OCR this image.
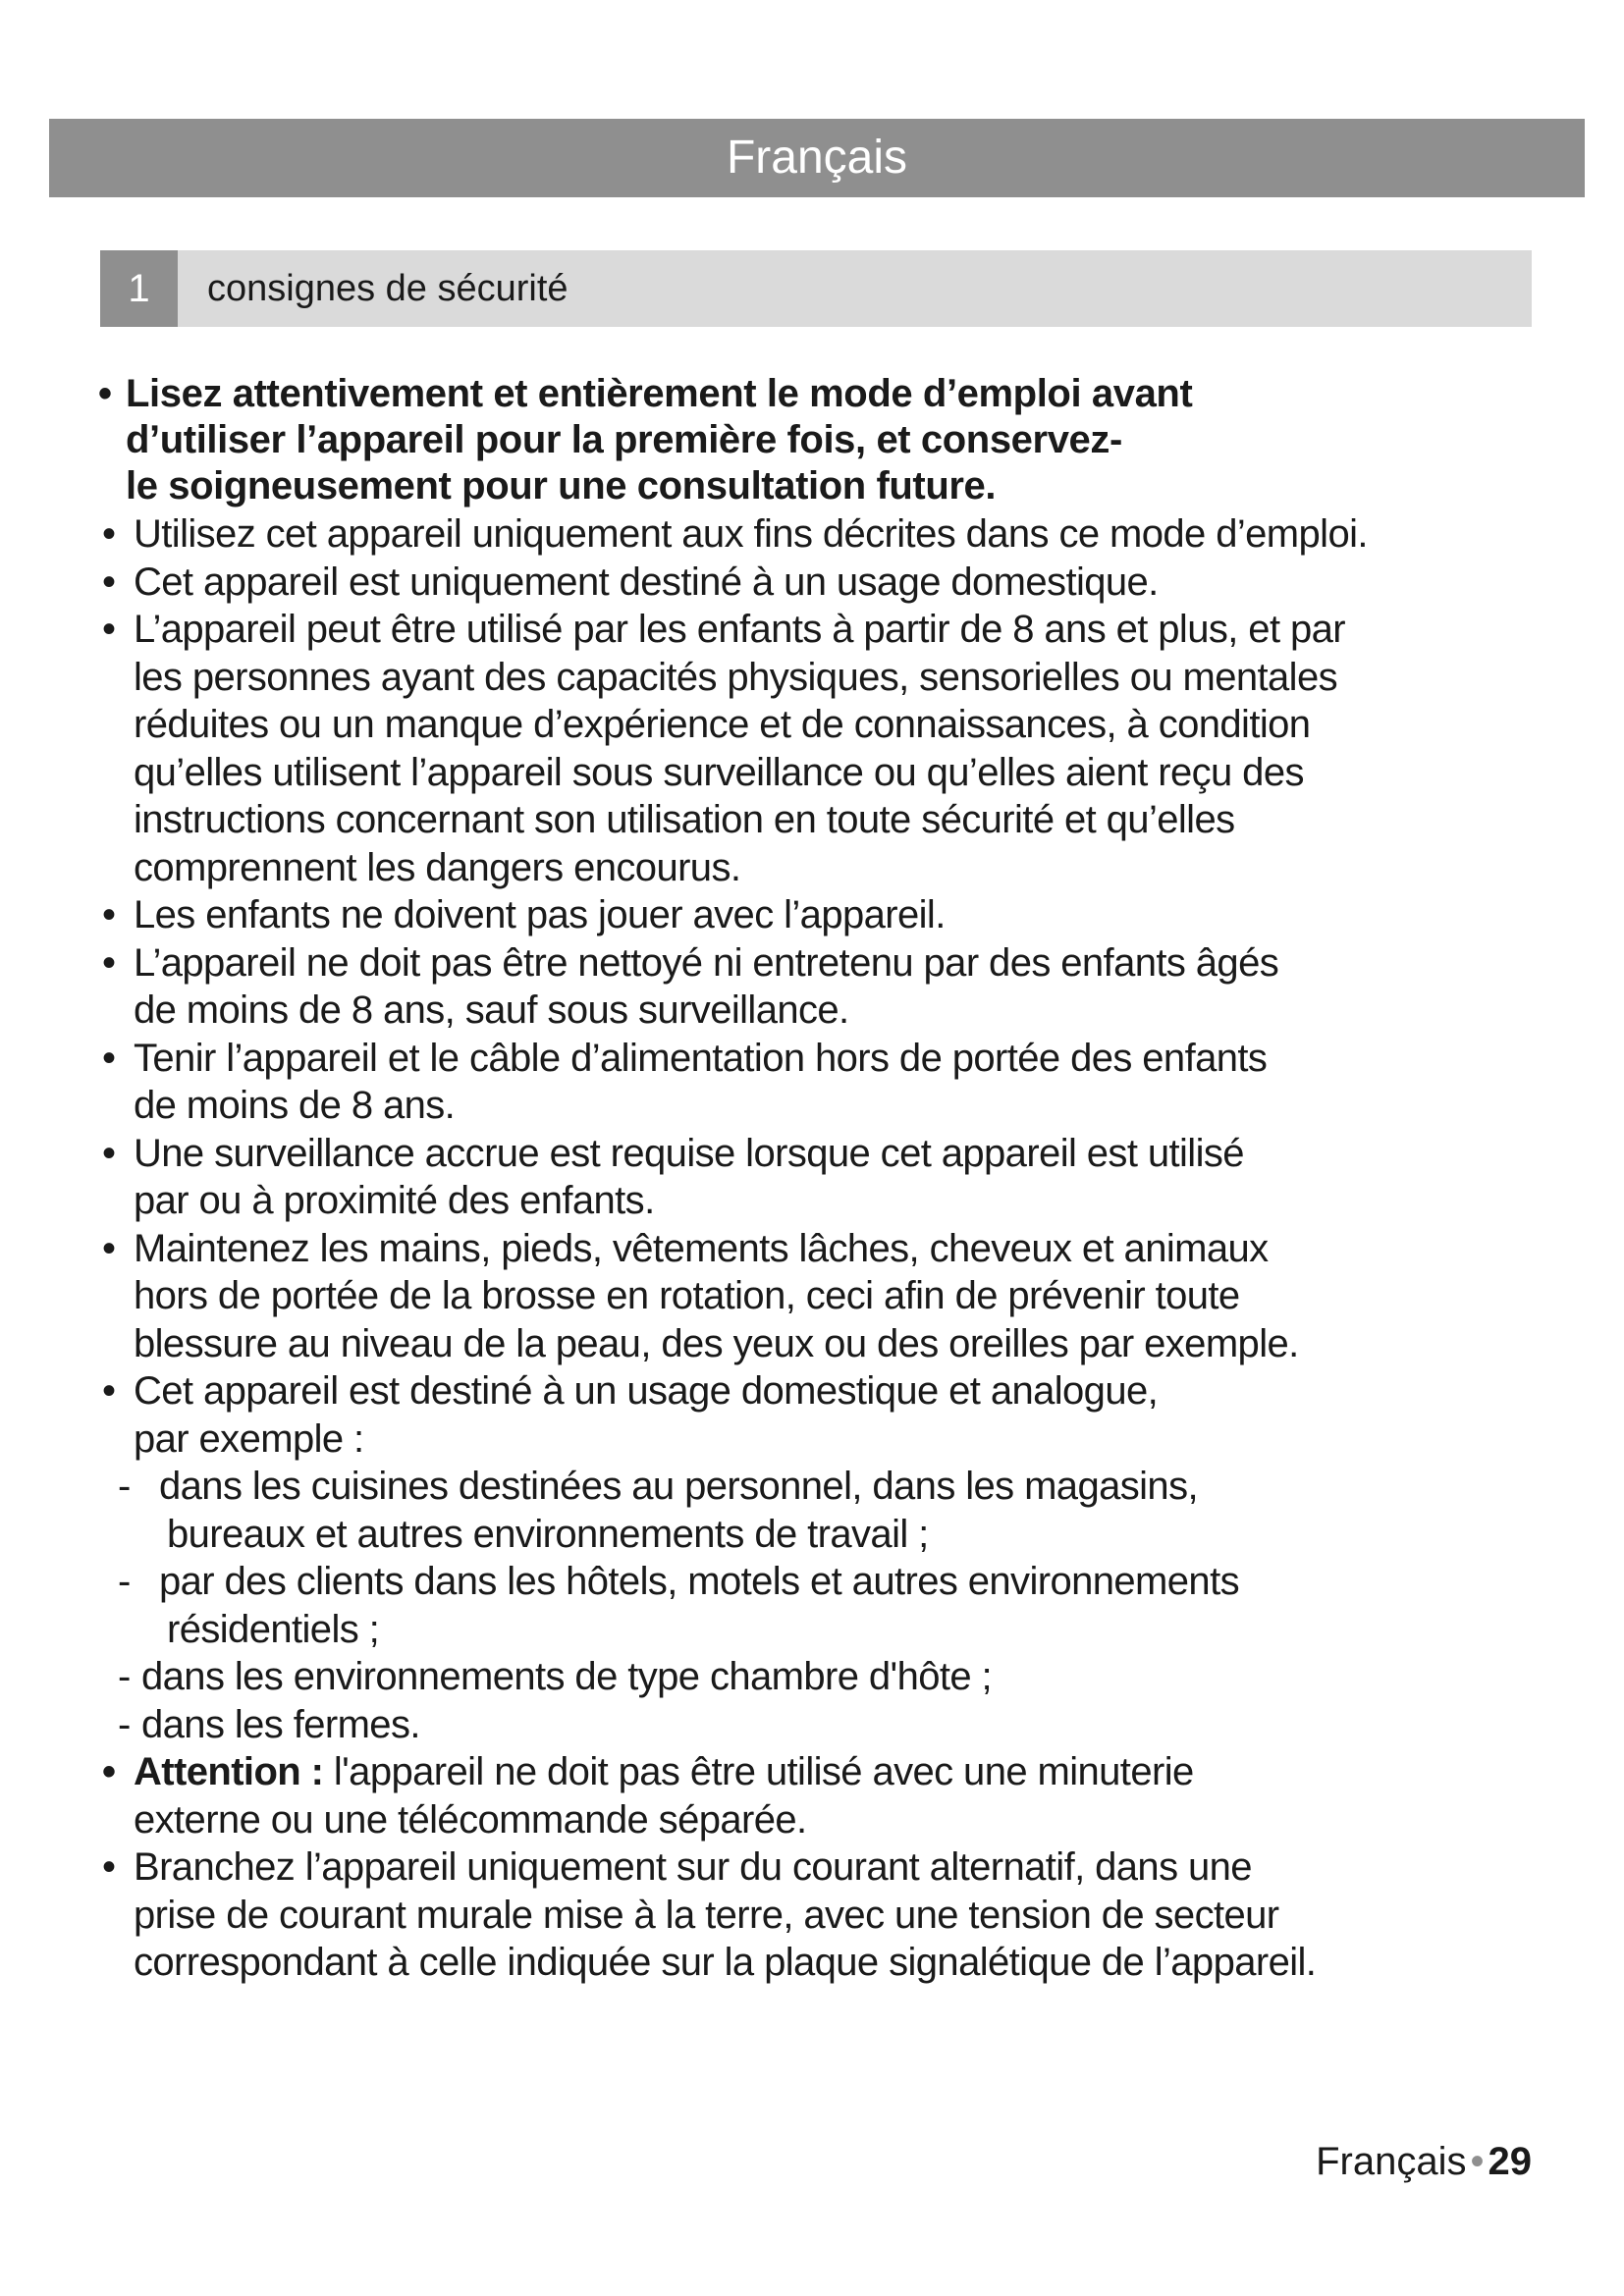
Français
1	consignes de sécurité
• Lisez attentivement et entièrement le mode d’emploi avant
d’utiliser l’appareil pour la première fois, et conservez-
le soigneusement pour une consultation future.
• Utilisez cet appareil uniquement aux fins décrites dans ce mode d’emploi.
• Cet appareil est uniquement destiné à un usage domestique.
• L’appareil peut être utilisé par les enfants à partir de 8 ans et plus, et par
les personnes ayant des capacités physiques, sensorielles ou mentales
réduites ou un manque d’expérience et de connaissances, à condition
qu’elles utilisent l’appareil sous surveillance ou qu’elles aient reçu des
instructions concernant son utilisation en toute sécurité et qu’elles
comprennent les dangers encourus.
• Les enfants ne doivent pas jouer avec l’appareil.
• L’appareil ne doit pas être nettoyé ni entretenu par des enfants âgés
de moins de 8 ans, sauf sous surveillance.
• Tenir l’appareil et le câble d’alimentation hors de portée des enfants
de moins de 8 ans.
• Une surveillance accrue est requise lorsque cet appareil est utilisé
par ou à proximité des enfants.
• Maintenez les mains, pieds, vêtements lâches, cheveux et animaux
hors de portée de la brosse en rotation, ceci afin de prévenir toute
blessure au niveau de la peau, des yeux ou des oreilles par exemple.
• Cet appareil est destiné à un usage domestique et analogue,
par exemple :
- dans les cuisines destinées au personnel, dans les magasins,
bureaux et autres environnements de travail ;
- par des clients dans les hôtels, motels et autres environnements
résidentiels ;
- dans les environnements de type chambre d'hôte ;
- dans les fermes.
• Attention : l'appareil ne doit pas être utilisé avec une minuterie
externe ou une télécommande séparée.
• Branchez l’appareil uniquement sur du courant alternatif, dans une
prise de courant murale mise à la terre, avec une tension de secteur
correspondant à celle indiquée sur la plaque signalétique de l’appareil.
Français • 29
